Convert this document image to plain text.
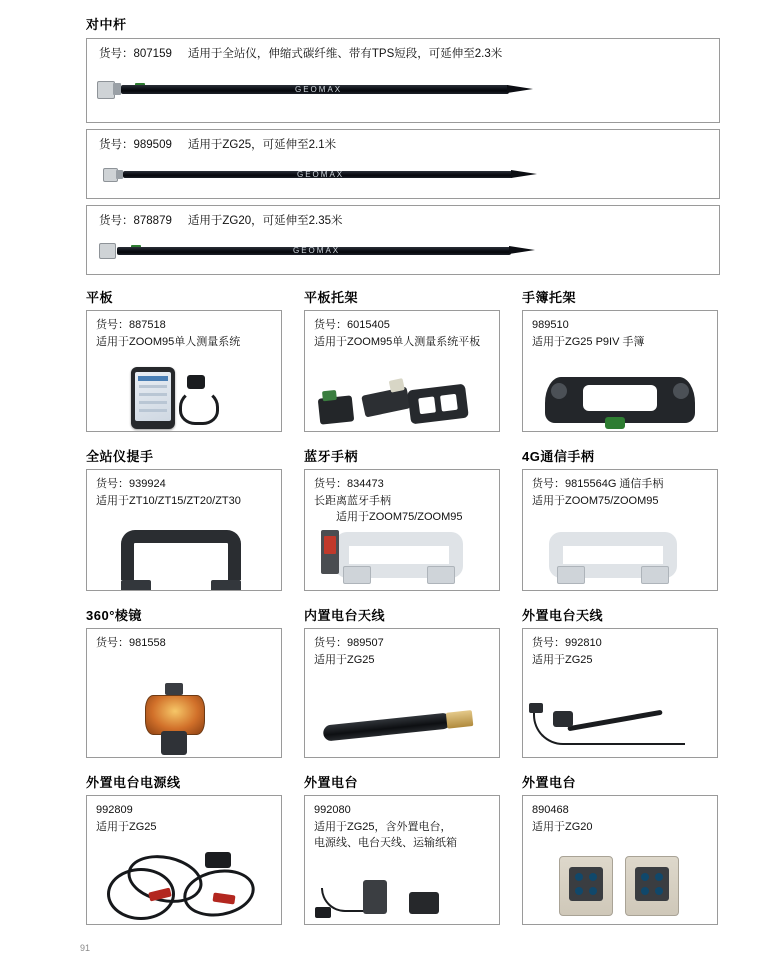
对中杆
货号：807159 适用于全站仪，伸缩式碳纤维、带有TPS短段，可延伸至2.3米
GEOMAX
货号：989509 适用于ZG25，可延伸至2.1米
GEOMAX
货号：878879 适用于ZG20，可延伸至2.35米
GEOMAX
平板
货号：887518
适用于ZOOM95单人测量系统
平板托架
货号：6015405
适用于ZOOM95单人测量系统平板
手簿托架
989510
适用于ZG25 P9IV 手簿
全站仪提手
货号：939924
适用于ZT10/ZT15/ZT20/ZT30
蓝牙手柄
货号：834473
长距离蓝牙手柄
适用于ZOOM75/ZOOM95
4G通信手柄
货号：9815564G 通信手柄
适用于ZOOM75/ZOOM95
360°棱镜
货号：981558
内置电台天线
货号：989507
适用于ZG25
外置电台天线
货号：992810
适用于ZG25
外置电台电源线
992809
适用于ZG25
外置电台
992080
适用于ZG25，含外置电台，
电源线、电台天线、运输纸箱
外置电台
890468
适用于ZG20
91
